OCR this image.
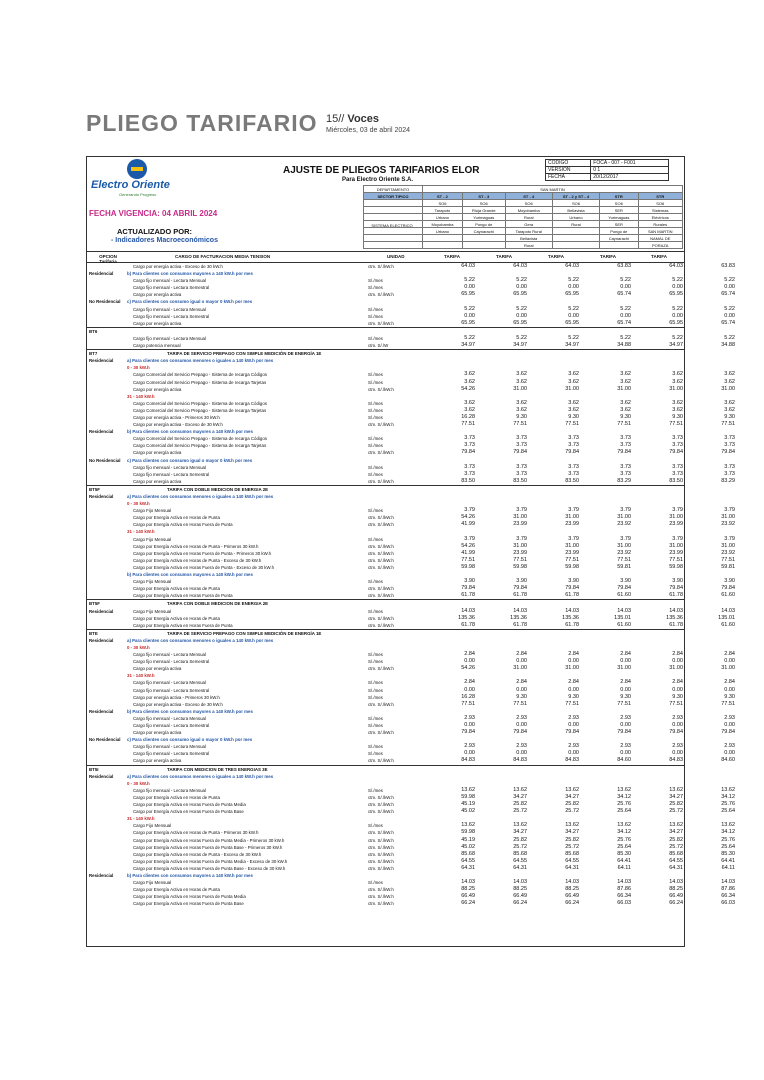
PLIEGO TARIFARIO 15// Voces
Miércoles, 03 de abril 2024
Electro Oriente
Generando Progreso
AJUSTE DE PLIEGOS TARIFARIOS ELOR
Para Electro Oriente S.A.
CODIGO	FOCA - 007 - F001
VERSION	0 1
FECHA	20/12/2017
FECHA VIGENCIA: 04 ABRIL 2024
ACTUALIZADO POR:
- Indicadores Macroeconómicos
DEPARTAMENTO	SAN MARTIN					
SECTOR TIPICO	ST - 2	ST - 3	ST - 4	ST - 2 y ST - 4	STR	STR
	SO6	SO6	SO6	SO6	SO6	SO6
	Tarapoto	Rioja Grande	Moyobamba	Bellavista	SER	Sistemas
	Urbano	Yurimaguas	Rural	Urbano	Yurimaguas	Eléctricos
	Moyobamba	Pongo de	Gera	Rural	SER	Rurales
	Urbano	Caynarachi	Tarapoto Rural		Pongo de	SAN MARTIN
			Bellavista		Caynarachi	NAMAL DE
			Rural			PORAZA
SISTEMA ELECTRICO
OPCION Tarifaria
CARGO DE FACTURACION MEDIA TENSION	UNIDAD	TARIFA	TARIFA	TARIFA	TARIFA	TARIFA
Cargo por energía activa - Exceso de 30 kW.h	ctm. S/./kW.h	64.03	64.03	64.03	63.83	64.03	63.83
Residencial	b) Para clientes con consumos mayores a 140 kW.h por mes
Cargo fijo mensual - Lectura Mensual	S/./mes	5.22	5.22	5.22	5.22	5.22	5.22
Cargo fijo mensual - Lectura Semestral	S/./mes	0.00	0.00	0.00	0.00	0.00	0.00
Cargo por energía activa	ctm. S/./kW.h	65.95	65.95	65.95	65.74	65.95	65.74
No Residencial c) Para clientes con consumo igual o mayor 0 kW.h por mes
Cargo fijo mensual - Lectura Mensual	S/./mes	5.22	5.22	5.22	5.22	5.22	5.22
Cargo fijo mensual - Lectura Semestral	S/./mes	0.00	0.00	0.00	0.00	0.00	0.00
Cargo por energía activa	ctm. S/./kW.h	65.95	65.95	65.95	65.74	65.95	65.74
BT6
Cargo fijo mensual - Lectura Mensual	S/./mes	5.22	5.22	5.22	5.22	5.22	5.22
Cargo potencia mensual	ctm. S/./W	34.97	34.97	34.97	34.88	34.97	34.88
BT7	TARIFA DE SERVICIO PREPAGO CON SIMPLE MEDICIÓN DE ENERGÍA 1E
Residencial	a) Para clientes con consumos menores o iguales a 140 kW.h por mes
0 - 30 kW.h
Cargo Comercial del Servicio Prepago - Sistema de recarga Códigos	S/./mes	3.62	3.62	3.62	3.62	3.62	3.62
Cargo Comercial del Servicio Prepago - Sistema de recarga Tarjetas	S/./mes	3.62	3.62	3.62	3.62	3.62	3.62
Cargo por energía activa	ctm. S/./kW.h	54.26	31.00	31.00	31.00	31.00	31.00
31 - 140 kW.h
Cargo Comercial del Servicio Prepago - Sistema de recarga Códigos	S/./mes	3.62	3.62	3.62	3.62	3.62	3.62
Cargo Comercial del Servicio Prepago - Sistema de recarga Tarjetas	S/./mes	3.62	3.62	3.62	3.62	3.62	3.62
Cargo por energía activa - Primeros 30 kW.h	S/./mes	16.28	9.30	9.30	9.30	9.30	9.30
Cargo por energía activa - Exceso de 30 kW.h	ctm. S/./kW.h	77.51	77.51	77.51	77.51	77.51	77.51
Residencial	b) Para clientes con consumos mayores a 140 kW.h por mes
Cargo Comercial del Servicio Prepago - Sistema de recarga Códigos	S/./mes	3.73	3.73	3.73	3.73	3.73	3.73
Cargo Comercial del Servicio Prepago - Sistema de recarga Tarjetas	S/./mes	3.73	3.73	3.73	3.73	3.73	3.73
Cargo por energía activa	ctm. S/./kW.h	79.84	79.84	79.84	79.84	79.84	79.84
No Residencial c) Para clientes con consumo igual o mayor 0 kW.h por mes
Cargo fijo mensual - Lectura Mensual	S/./mes	3.73	3.73	3.73	3.73	3.73	3.73
Cargo fijo mensual - Lectura Semestral	S/./mes	3.73	3.73	3.73	3.73	3.73	3.73
Cargo por energía activa	ctm. S/./kW.h	83.50	83.50	83.50	83.29	83.50	83.29
BT5F	TARIFA CON DOBLE MEDICION DE ENERGIA 2E
Residencial	a) Para clientes con consumos menores o iguales a 140 kW.h por mes
0 - 30 kW.h
Cargo Fijo Mensual	S/./mes	3.79	3.79	3.79	3.79	3.79	3.79
Cargo por Energía Activa en Horas de Punta	ctm. S/./kW.h	54.26	31.00	31.00	31.00	31.00	31.00
Cargo por Energía Activa en Horas Fuera de Punta	ctm. S/./kW.h	41.99	23.99	23.99	23.92	23.99	23.92
31 - 140 kW.h
Cargo Fijo Mensual	S/./mes	3.79	3.79	3.79	3.79	3.79	3.79
Cargo por Energía Activa en Horas de Punta - Primeros 30 kW.h	ctm. S/./kW.h	54.26	31.00	31.00	31.00	31.00	31.00
Cargo por Energía Activa en Horas Fuera de Punta - Primeros 30 kW.h	ctm. S/./kW.h	41.99	23.99	23.99	23.92	23.99	23.92
Cargo por Energía Activa en Horas de Punta - Exceso de 30 kW.h	ctm. S/./kW.h	77.51	77.51	77.51	77.51	77.51	77.51
Cargo por Energía Activa en Horas Fuera de Punta - Exceso de 30 kW.h	ctm. S/./kW.h	59.98	59.98	59.98	59.81	59.98	59.81
b) Para clientes con consumos mayores a 140 kW.h por mes
Cargo Fijo Mensual	S/./mes	3.90	3.90	3.90	3.90	3.90	3.90
Cargo por Energía Activa en Horas de Punta	ctm. S/./kW.h	79.84	79.84	79.84	79.84	79.84	79.84
Cargo por Energía Activa en Horas Fuera de Punta	ctm. S/./kW.h	61.78	61.78	61.78	61.60	61.78	61.60
BT5F	TARIFA CON DOBLE MEDICION DE ENERGIA 2E
Residencial	Cargo Fijo Mensual	S/./mes	14.03	14.03	14.03	14.03	14.03	14.03
Cargo por Energía Activa en Horas de Punta	ctm. S/./kW.h	135.36	135.36	135.36	135.01	135.36	135.01
Cargo por Energía Activa en Horas Fuera de Punta	ctm. S/./kW.h	61.78	61.78	61.78	61.60	61.78	61.60
BTE	TARIFA DE SERVICIO PREPAGO CON SIMPLE MEDICIÓN DE ENERGÍA 1E
Residencial	a) Para clientes con consumos menores o iguales a 140 kW.h por mes
0 - 30 kW.h
Cargo fijo mensual - Lectura Mensual	S/./mes	2.84	2.84	2.84	2.84	2.84	2.84
Cargo fijo mensual - Lectura Semestral	S/./mes	0.00	0.00	0.00	0.00	0.00	0.00
Cargo por energía activa	ctm. S/./kW.h	54.26	31.00	31.00	31.00	31.00	31.00
31 - 140 kW.h
Cargo fijo mensual - Lectura Mensual	S/./mes	2.84	2.84	2.84	2.84	2.84	2.84
Cargo fijo mensual - Lectura Semestral	S/./mes	0.00	0.00	0.00	0.00	0.00	0.00
Cargo por energía activa - Primeros 30 kW.h	S/./mes	16.28	9.30	9.30	9.30	9.30	9.30
Cargo por energía activa - Exceso de 30 kW.h	ctm. S/./kW.h	77.51	77.51	77.51	77.51	77.51	77.51
Residencial	b) Para clientes con consumos mayores a 140 kW.h por mes
Cargo fijo mensual - Lectura Mensual	S/./mes	2.93	2.93	2.93	2.93	2.93	2.93
Cargo fijo mensual - Lectura Semestral	S/./mes	0.00	0.00	0.00	0.00	0.00	0.00
Cargo por energía activa	ctm. S/./kW.h	79.84	79.84	79.84	79.84	79.84	79.84
No Residencial c) Para clientes con consumo igual o mayor 0 kW.h por mes
Cargo fijo mensual - Lectura Mensual	S/./mes	2.93	2.93	2.93	2.93	2.93	2.93
Cargo fijo mensual - Lectura Semestral	S/./mes	0.00	0.00	0.00	0.00	0.00	0.00
Cargo por energía activa	ctm. S/./kW.h	84.83	84.83	84.83	84.60	84.83	84.60
BT5I	TARIFA CON MEDICION DE TRES ENERGIAS 3E
Residencial	a) Para clientes con consumos menores o iguales a 140 kW.h por mes
0 - 30 kW.h
Cargo fijo mensual - Lectura Mensual	S/./mes	13.62	13.62	13.62	13.62	13.62	13.62
Cargo por Energía Activa en Horas de Punta	ctm. S/./kW.h	59.98	34.27	34.27	34.12	34.27	34.12
Cargo por Energía Activa en Horas Fuera de Punta Media	ctm. S/./kW.h	45.19	25.82	25.82	25.76	25.82	25.76
Cargo por Energía Activa en Horas Fuera de Punta Base	ctm. S/./kW.h	45.02	25.72	25.72	25.64	25.72	25.64
31 - 140 kW.h
Cargo Fijo Mensual	S/./mes	13.62	13.62	13.62	13.62	13.62	13.62
Cargo por Energía Activa en Horas de Punta - Primeros 30 kW.h	ctm. S/./kW.h	59.98	34.27	34.27	34.12	34.27	34.12
Cargo por Energía Activa en Horas Fuera de Punta Media - Primeros 30 kW.h	ctm. S/./kW.h	45.19	25.82	25.82	25.76	25.82	25.76
Cargo por Energía Activa en Horas Fuera de Punta Base - Primeros 30 kW.h	ctm. S/./kW.h	45.02	25.72	25.72	25.64	25.72	25.64
Cargo por Energía Activa en Horas de Punta - Exceso de 30 kW.h	ctm. S/./kW.h	85.68	85.68	85.68	85.30	85.68	85.30
Cargo por Energía Activa en Horas Fuera de Punta Media - Exceso de 30 kW.h	ctm. S/./kW.h	64.55	64.55	64.55	64.41	64.55	64.41
Cargo por Energía Activa en Horas Fuera de Punta Base - Exceso de 30 kW.h	ctm. S/./kW.h	64.31	64.31	64.31	64.11	64.31	64.11
Residencial	b) Para clientes con consumos mayores a 140 kW.h por mes
Cargo Fijo Mensual	S/./mes	14.03	14.03	14.03	14.03	14.03	14.03
Cargo por Energía Activa en Horas de Punta	ctm. S/./kW.h	88.25	88.25	88.25	87.86	88.25	87.86
Cargo por Energía Activa en Horas Fuera de Punta Media	ctm. S/./kW.h	66.49	66.49	66.49	66.34	66.49	66.34
Cargo por Energía Activa en Horas Fuera de Punta Base	ctm. S/./kW.h	66.24	66.24	66.24	66.03	66.24	66.03
